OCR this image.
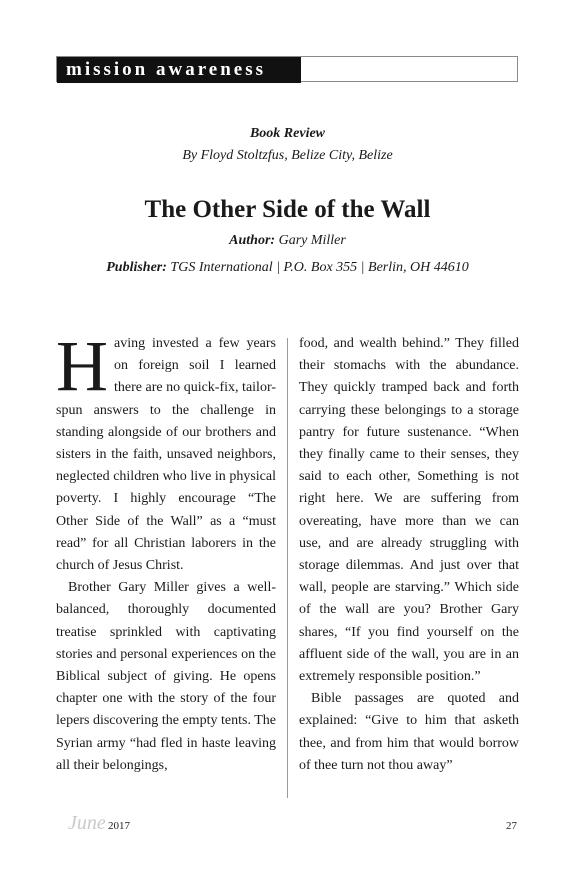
mission awareness
Book Review
By Floyd Stoltzfus, Belize City, Belize
The Other Side of the Wall
Author: Gary Miller
Publisher: TGS International | P.O. Box 355 | Berlin, OH 44610

Having invested a few years on foreign soil I learned there are no quick-fix, tailor-spun answers to the challenge in standing alongside of our brothers and sisters in the faith, unsaved neighbors, neglected children who live in physical poverty. I highly encourage “The Other Side of the Wall” as a “must read” for all Christian laborers in the church of Jesus Christ.

Brother Gary Miller gives a well-balanced, thoroughly documented treatise sprinkled with captivating stories and personal experiences on the Biblical subject of giving. He opens chapter one with the story of the four lepers discovering the empty tents. The Syrian army “had fled in haste leaving all their belongings,

food, and wealth behind.” They filled their stomachs with the abundance. They quickly tramped back and forth carrying these belongings to a storage pantry for future sustenance. “When they finally came to their senses, they said to each other, Something is not right here. We are suffering from overeating, have more than we can use, and are already struggling with storage dilemmas. And just over that wall, people are starving.” Which side of the wall are you? Brother Gary shares, “If you find yourself on the affluent side of the wall, you are in an extremely responsible position.”

Bible passages are quoted and explained: “Give to him that asketh thee, and from him that would borrow of thee turn not thou away”

June 2017	27
